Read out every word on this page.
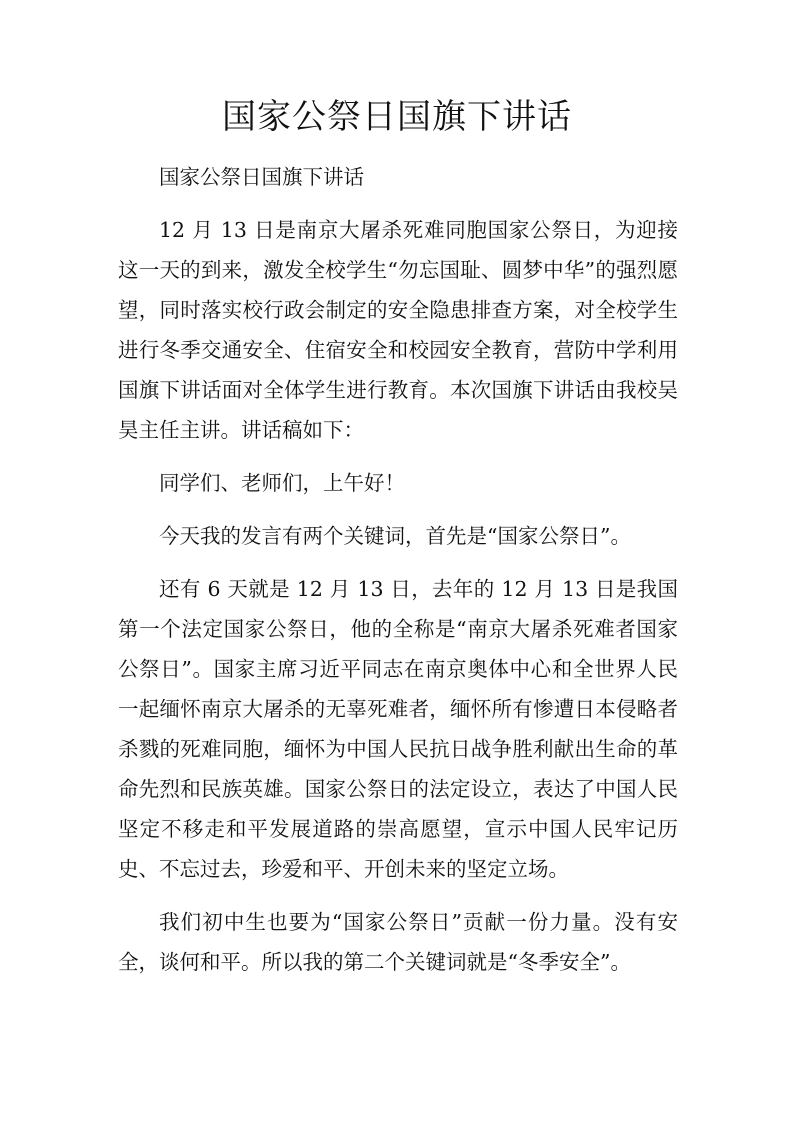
国家公祭日国旗下讲话

国家公祭日国旗下讲话

12 月 13 日是南京大屠杀死难同胞国家公祭日，为迎接这一天的到来，激发全校学生“勿忘国耻、圆梦中华”的强烈愿望，同时落实校行政会制定的安全隐患排查方案，对全校学生进行冬季交通安全、住宿安全和校园安全教育，营防中学利用国旗下讲话面对全体学生进行教育。本次国旗下讲话由我校吴昊主任主讲。讲话稿如下：

同学们、老师们，上午好！

今天我的发言有两个关键词，首先是“国家公祭日”。

还有 6 天就是 12 月 13 日，去年的 12 月 13 日是我国第一个法定国家公祭日，他的全称是“南京大屠杀死难者国家公祭日”。国家主席习近平同志在南京奥体中心和全世界人民一起缅怀南京大屠杀的无辜死难者，缅怀所有惨遭日本侵略者杀戮的死难同胞，缅怀为中国人民抗日战争胜利献出生命的革命先烈和民族英雄。国家公祭日的法定设立，表达了中国人民坚定不移走和平发展道路的崇高愿望，宣示中国人民牢记历史、不忘过去，珍爱和平、开创未来的坚定立场。

我们初中生也要为“国家公祭日”贡献一份力量。没有安全，谈何和平。所以我的第二个关键词就是“冬季安全”。
